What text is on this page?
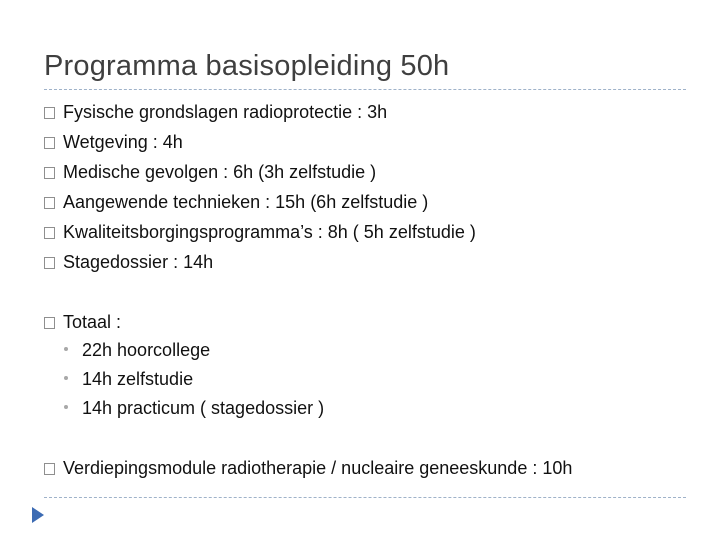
Programma basisopleiding 50h
Fysische grondslagen radioprotectie : 3h
Wetgeving : 4h
Medische gevolgen : 6h (3h zelfstudie )
Aangewende technieken : 15h (6h zelfstudie )
Kwaliteitsborgingsprogramma’s : 8h ( 5h zelfstudie )
Stagedossier : 14h
Totaal :
22h hoorcollege
14h zelfstudie
14h practicum ( stagedossier )
Verdiepingsmodule radiotherapie / nucleaire geneeskunde : 10h
